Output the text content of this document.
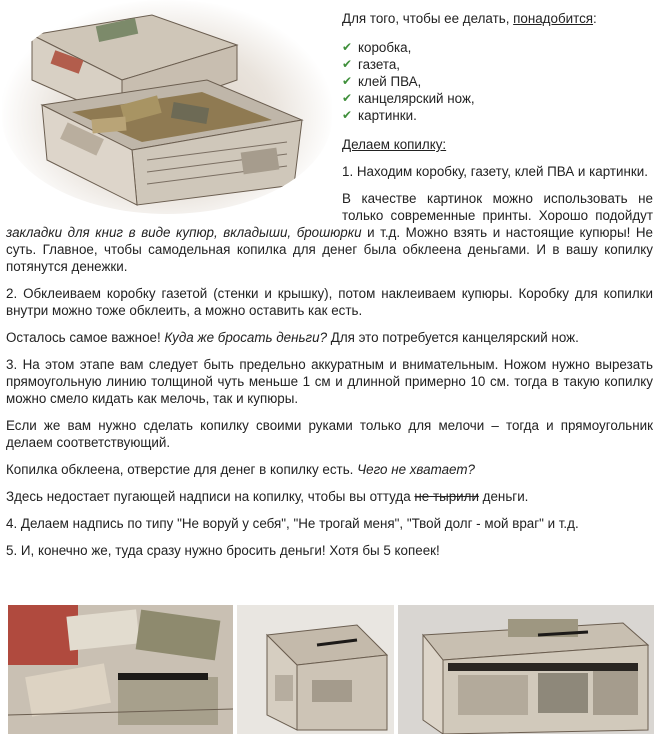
Для того, чтобы ее делать, понадобится:

✔ коробка,
✔ газета,
✔ клей ПВА,
✔ канцелярский нож,
✔ картинки.
Делаем копилку:

1. Находим коробку, газету, клей ПВА и картинки.

В качестве картинок можно использовать не только современные принты. Хорошо подойдут закладки для книг в виде купюр, вкладыши, брошюрки и т.д. Можно взять и настоящие купюры! Не суть. Главное, чтобы самодельная копилка для денег была обклеена деньгами. И в вашу копилку потянутся денежки.

2. Обклеиваем коробку газетой (стенки и крышку), потом наклеиваем купюры. Коробку для копилки внутри можно тоже обклеить, а можно оставить как есть.

Осталось самое важное! Куда же бросать деньги? Для это потребуется канцелярский нож.

3. На этом этапе вам следует быть предельно аккуратным и внимательным. Ножом нужно вырезать прямоугольную линию толщиной чуть меньше 1 см и длинной примерно 10 см. тогда в такую копилку можно смело кидать как мелочь, так и купюры.

Если же вам нужно сделать копилку своими руками только для мелочи – тогда и прямоугольник делаем соответствующий.

Копилка обклеена, отверстие для денег в копилку есть. Чего не хватает?

Здесь недостает пугающей надписи на копилку, чтобы вы оттуда не тырили деньги.

4. Делаем надпись по типу "Не воруй у себя", "Не трогай меня", "Твой долг - мой враг" и т.д.

5. И, конечно же, туда сразу нужно бросить деньги! Хотя бы 5 копеек!
